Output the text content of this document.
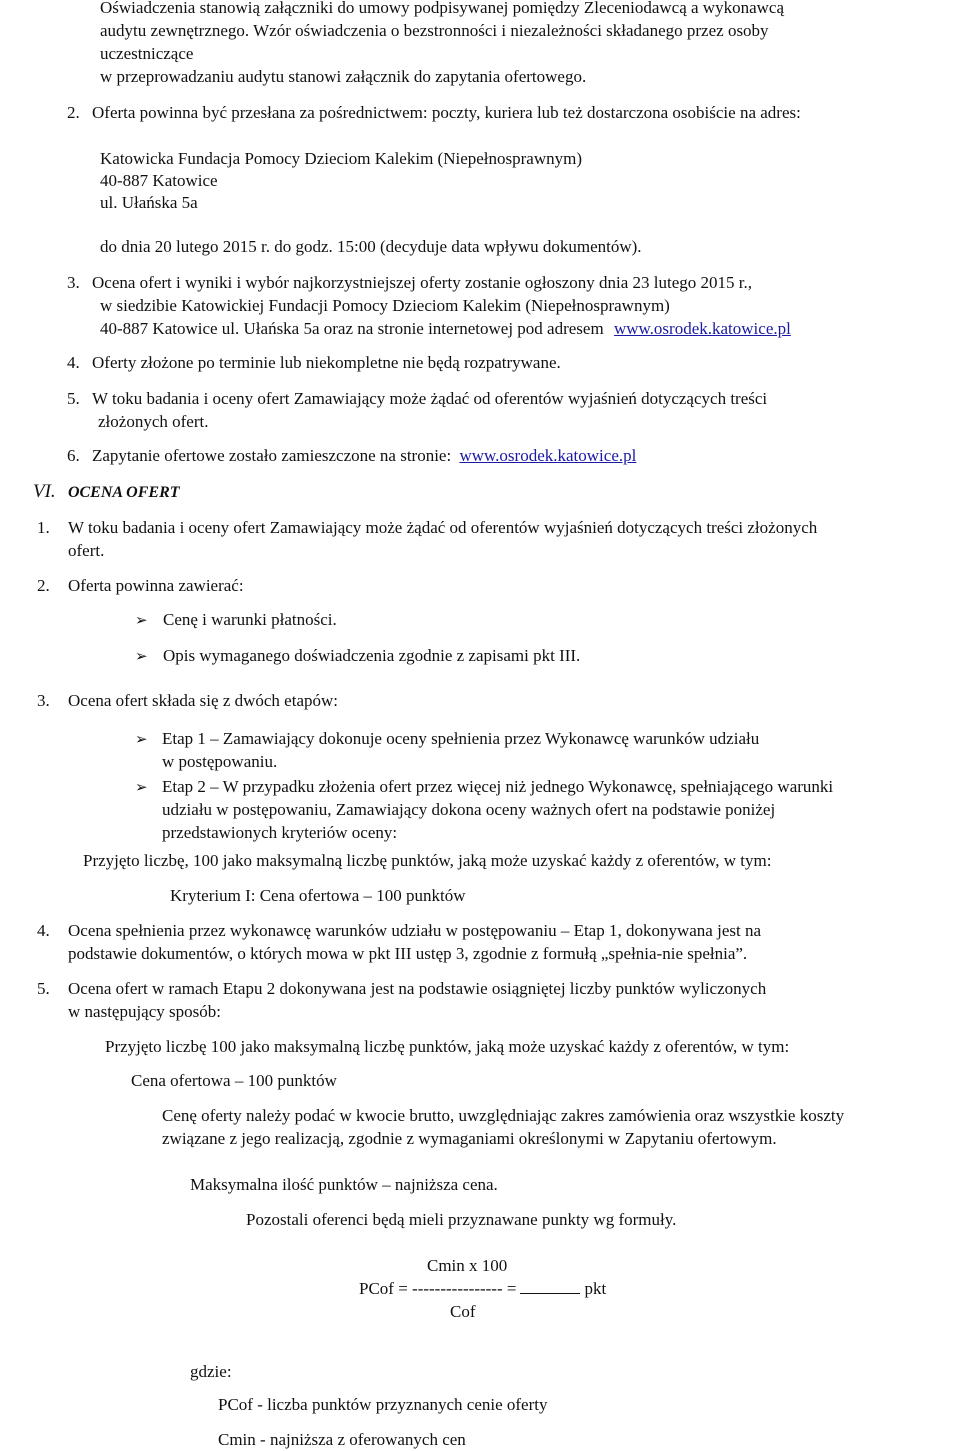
Oświadczenia stanowią załączniki do umowy podpisywanej pomiędzy Zleceniodawcą a wykonawcą
audytu zewnętrznego. Wzór oświadczenia o bezstronności i niezależności składanego przez osoby
uczestniczące
w przeprowadzaniu audytu stanowi załącznik do zapytania ofertowego.
2. Oferta powinna być przesłana za pośrednictwem: poczty, kuriera lub też dostarczona osobiście na adres:
Katowicka Fundacja Pomocy Dzieciom Kalekim (Niepełnosprawnym)
40-887 Katowice
ul. Ułańska 5a
do dnia 20 lutego 2015 r. do godz. 15:00 (decyduje data wpływu dokumentów).
3. Ocena ofert i wyniki i wybór najkorzystniejszej oferty zostanie ogłoszony dnia 23 lutego 2015 r.,
w siedzibie Katowickiej Fundacji Pomocy Dzieciom Kalekim (Niepełnosprawnym)
40-887 Katowice ul. Ułańska 5a oraz na stronie internetowej pod adresem www.osrodek.katowice.pl
4. Oferty złożone po terminie lub niekompletne nie będą rozpatrywane.
5. W toku badania i oceny ofert Zamawiający może żądać od oferentów wyjaśnień dotyczących treści
złożonych ofert.
6. Zapytanie ofertowe zostało zamieszczone na stronie: www.osrodek.katowice.pl
VI. OCENA OFERT
1. W toku badania i oceny ofert Zamawiający może żądać od oferentów wyjaśnień dotyczących treści złożonych
ofert.
2. Oferta powinna zawierać:
➢ Cenę i warunki płatności.
➢ Opis wymaganego doświadczenia zgodnie z zapisami pkt III.
3. Ocena ofert składa się z dwóch etapów:
➢ Etap 1 – Zamawiający dokonuje oceny spełnienia przez Wykonawcę warunków udziału
w postępowaniu.
➢ Etap 2 – W przypadku złożenia ofert przez więcej niż jednego Wykonawcę, spełniającego warunki
udziału w postępowaniu, Zamawiający dokona oceny ważnych ofert na podstawie poniżej
przedstawionych kryteriów oceny:
Przyjęto liczbę, 100 jako maksymalną liczbę punktów, jaką może uzyskać każdy z oferentów, w tym:
Kryterium I: Cena ofertowa – 100 punktów
4. Ocena spełnienia przez wykonawcę warunków udziału w postępowaniu – Etap 1, dokonywana jest na
podstawie dokumentów, o których mowa w pkt III ustęp 3, zgodnie z formułą „spełnia-nie spełnia”.
5. Ocena ofert w ramach Etapu 2 dokonywana jest na podstawie osiągniętej liczby punktów wyliczonych
w następujący sposób:
Przyjęto liczbę 100 jako maksymalną liczbę punktów, jaką może uzyskać każdy z oferentów, w tym:
Cena ofertowa – 100 punktów
Cenę oferty należy podać w kwocie brutto, uwzględniając zakres zamówienia oraz wszystkie koszty
związane z jego realizacją, zgodnie z wymaganiami określonymi w Zapytaniu ofertowym.
Maksymalna ilość punktów – najniższa cena.
Pozostali oferenci będą mieli przyznawane punkty wg formuły.
Cmin x 100
PCof = ---------------- =	pkt
Cof
gdzie:
PCof - liczba punktów przyznanych cenie oferty
Cmin - najniższa z oferowanych cen
